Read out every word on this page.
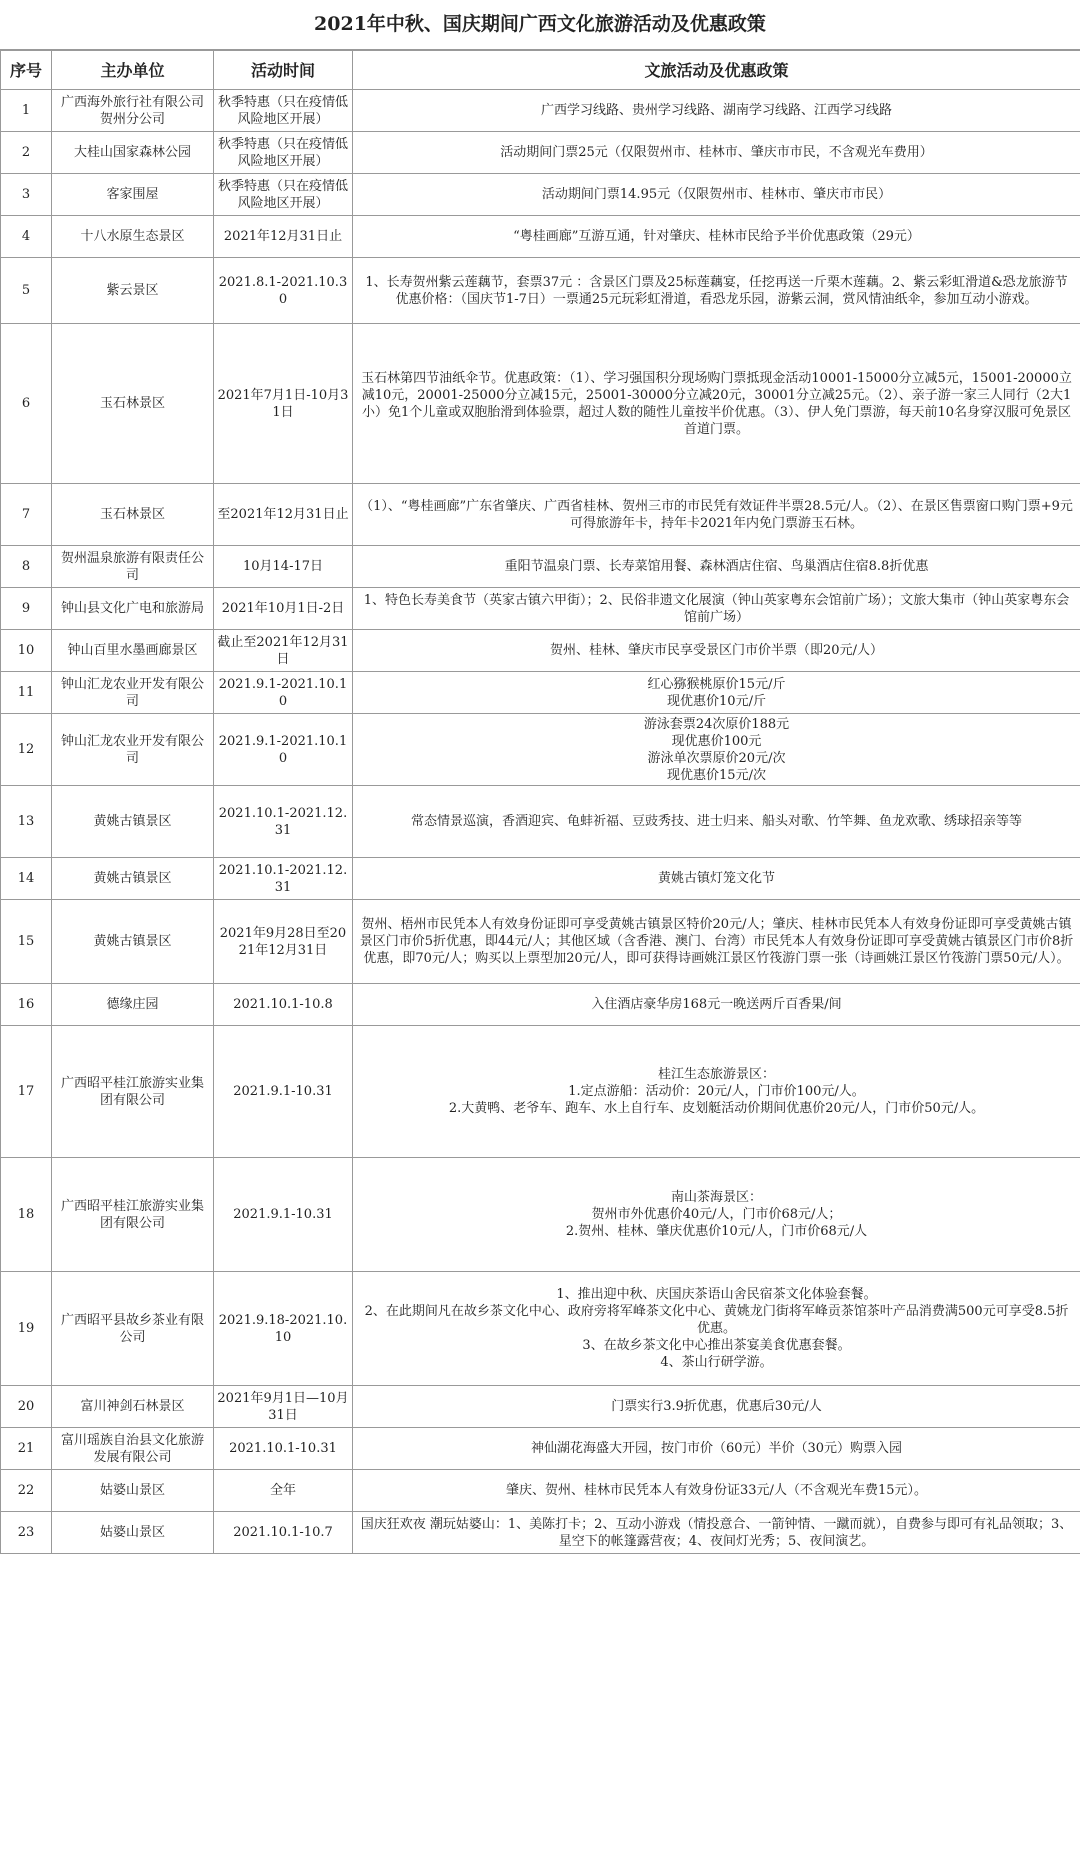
2021年中秋、国庆期间广西文化旅游活动及优惠政策
序号	主办单位	活动时间	文旅活动及优惠政策
1	广西海外旅行社有限公司贺州分公司	秋季特惠（只在疫情低风险地区开展）	广西学习线路、贵州学习线路、湖南学习线路、江西学习线路

2	大桂山国家森林公园	秋季特惠（只在疫情低风险地区开展）	活动期间门票25元（仅限贺州市、桂林市、肇庆市市民，不含观光车费用）

3	客家围屋	秋季特惠（只在疫情低风险地区开展）	活动期间门票14.95元（仅限贺州市、桂林市、肇庆市市民）

4	十八水原生态景区	2021年12月31日止	“粤桂画廊”互游互通，针对肇庆、桂林市民给予半价优惠政策（29元）

5	紫云景区	2021.8.1-2021.10.30	1、长寿贺州紫云莲藕节，套票37元 ：含景区门票及25标莲藕宴，任挖再送一斤栗木莲藕。2、紫云彩虹滑道&恐龙旅游节优惠价格：（国庆节1-7日）一票通25元玩彩虹滑道，看恐龙乐园，游紫云洞，赏风情油纸伞，参加互动小游戏。

6	玉石林景区	2021年7月1日-10月31日	玉石林第四节油纸伞节。优惠政策：（1）、学习强国积分现场购门票抵现金活动10001-15000分立减5元，15001-20000立减10元，20001-25000分立减15元，25001-30000分立减20元，30001分立减25元。（2）、亲子游一家三人同行（2大1小）免1个儿童或双胞胎滑到体验票，超过人数的随性儿童按半价优惠。（3）、伊人免门票游，每天前10名身穿汉服可免景区首道门票。

7	玉石林景区	至2021年12月31日止	（1）、“粤桂画廊”广东省肇庆、广西省桂林、贺州三市的市民凭有效证件半票28.5元/人。（2）、在景区售票窗口购门票+9元可得旅游年卡，持年卡2021年内免门票游玉石林。

8	贺州温泉旅游有限责任公司	10月14-17日	重阳节温泉门票、长寿菜馆用餐、森林酒店住宿、鸟巢酒店住宿8.8折优惠

9	钟山县文化广电和旅游局	2021年10月1日-2日	1、特色长寿美食节（英家古镇六甲街）；2、民俗非遗文化展演（钟山英家粤东会馆前广场）；文旅大集市（钟山英家粤东会馆前广场）

10	钟山百里水墨画廊景区	截止至2021年12月31日	贺州、桂林、肇庆市民享受景区门市价半票（即20元/人）

11	钟山汇龙农业开发有限公司	2021.9.1-2021.10.10	红心猕猴桃原价15元/斤
现优惠价10元/斤

12	钟山汇龙农业开发有限公司	2021.9.1-2021.10.10	游泳套票24次原价188元
现优惠价100元
游泳单次票原价20元/次
现优惠价15元/次

13	黄姚古镇景区	2021.10.1-2021.12.31	常态情景巡演，香酒迎宾、龟蚌祈福、豆豉秀技、进士归来、船头对歌、竹竿舞、鱼龙欢歌、绣球招亲等等

14	黄姚古镇景区	2021.10.1-2021.12.31	黄姚古镇灯笼文化节

15	黄姚古镇景区	2021年9月28日至2021年12月31日	贺州、梧州市民凭本人有效身份证即可享受黄姚古镇景区特价20元/人；肇庆、桂林市民凭本人有效身份证即可享受黄姚古镇景区门市价5折优惠，即44元/人；其他区域（含香港、澳门、台湾）市民凭本人有效身份证即可享受黄姚古镇景区门市价8折优惠，即70元/人；购买以上票型加20元/人，即可获得诗画姚江景区竹筏游门票一张（诗画姚江景区竹筏游门票50元/人）。

16	德缘庄园	2021.10.1-10.8	入住酒店豪华房168元一晚送两斤百香果/间

17	广西昭平桂江旅游实业集团有限公司	2021.9.1-10.31	桂江生态旅游景区：
1.定点游船：活动价：20元/人，门市价100元/人。
2.大黄鸭、老爷车、跑车、水上自行车、皮划艇活动价期间优惠价20元/人，门市价50元/人。

18	广西昭平桂江旅游实业集团有限公司	2021.9.1-10.31	南山茶海景区：
贺州市外优惠价40元/人，门市价68元/人；
2.贺州、桂林、肇庆优惠价10元/人，门市价68元/人

19	广西昭平县故乡茶业有限公司	2021.9.18-2021.10.10	1、推出迎中秋、庆国庆茶语山舍民宿茶文化体验套餐。
2、在此期间凡在故乡茶文化中心、政府旁将军峰茶文化中心、黄姚龙门街将军峰贡茶馆茶叶产品消费满500元可享受8.5折优惠。
3、在故乡茶文化中心推出茶宴美食优惠套餐。
4、茶山行研学游。

20	富川神剑石林景区	2021年9月1日—10月31日	门票实行3.9折优惠，优惠后30元/人

21	富川瑶族自治县文化旅游发展有限公司	2021.10.1-10.31	神仙湖花海盛大开园，按门市价（60元）半价（30元）购票入园

22	姑婆山景区	全年	肇庆、贺州、桂林市民凭本人有效身份证33元/人（不含观光车费15元）。

23	姑婆山景区	2021.10.1-10.7	国庆狂欢夜 潮玩姑婆山：1、美陈打卡；2、互动小游戏（情投意合、一箭钟情、一蹴而就），自费参与即可有礼品领取；3、星空下的帐篷露营夜；4、夜间灯光秀；5、夜间演艺。
